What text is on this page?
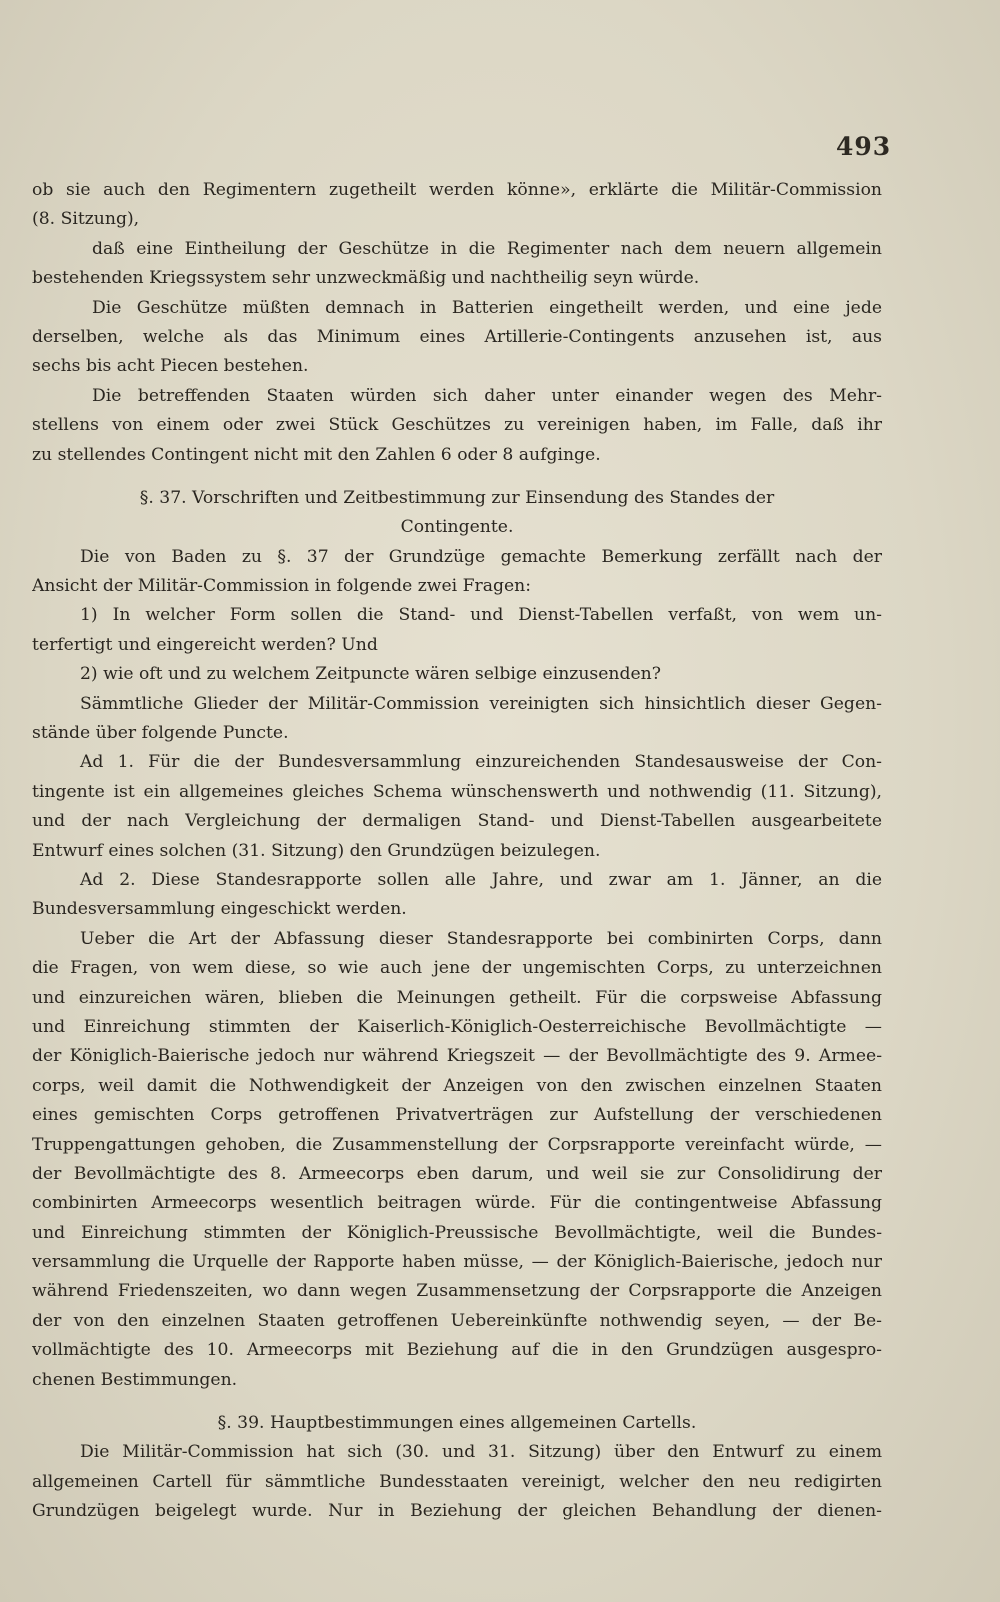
493
ob sie auch den Regimentern zugetheilt werden könne», erklärte die Militär-Commission
(8. Sitzung),
daß eine Eintheilung der Geschütze in die Regimenter nach dem neuern allgemein
bestehenden Kriegssystem sehr unzweckmäßig und nachtheilig seyn würde.
Die Geschütze müßten demnach in Batterien eingetheilt werden, und eine jede
derselben, welche als das Minimum eines Artillerie-Contingents anzusehen ist, aus
sechs bis acht Piecen bestehen.
Die betreffenden Staaten würden sich daher unter einander wegen des Mehr-
stellens von einem oder zwei Stück Geschützes zu vereinigen haben, im Falle, daß ihr
zu stellendes Contingent nicht mit den Zahlen 6 oder 8 aufginge.
§. 37. Vorschriften und Zeitbestimmung zur Einsendung des Standes der
Contingente.
Die von Baden zu §. 37 der Grundzüge gemachte Bemerkung zerfällt nach der
Ansicht der Militär-Commission in folgende zwei Fragen:
1) In welcher Form sollen die Stand- und Dienst-Tabellen verfaßt, von wem un-
terfertigt und eingereicht werden? Und
2) wie oft und zu welchem Zeitpuncte wären selbige einzusenden?
Sämmtliche Glieder der Militär-Commission vereinigten sich hinsichtlich dieser Gegen-
stände über folgende Puncte.
Ad 1. Für die der Bundesversammlung einzureichenden Standesausweise der Con-
tingente ist ein allgemeines gleiches Schema wünschenswerth und nothwendig (11. Sitzung),
und der nach Vergleichung der dermaligen Stand- und Dienst-Tabellen ausgearbeitete
Entwurf eines solchen (31. Sitzung) den Grundzügen beizulegen.
Ad 2. Diese Standesrapporte sollen alle Jahre, und zwar am 1. Jänner, an die
Bundesversammlung eingeschickt werden.
Ueber die Art der Abfassung dieser Standesrapporte bei combinirten Corps, dann
die Fragen, von wem diese, so wie auch jene der ungemischten Corps, zu unterzeichnen
und einzureichen wären, blieben die Meinungen getheilt. Für die corpsweise Abfassung
und Einreichung stimmten der Kaiserlich-Königlich-Oesterreichische Bevollmächtigte —
der Königlich-Baierische jedoch nur während Kriegszeit — der Bevollmächtigte des 9. Armee-
corps, weil damit die Nothwendigkeit der Anzeigen von den zwischen einzelnen Staaten
eines gemischten Corps getroffenen Privatverträgen zur Aufstellung der verschiedenen
Truppengattungen gehoben, die Zusammenstellung der Corpsrapporte vereinfacht würde, —
der Bevollmächtigte des 8. Armeecorps eben darum, und weil sie zur Consolidirung der
combinirten Armeecorps wesentlich beitragen würde. Für die contingentweise Abfassung
und Einreichung stimmten der Königlich-Preussische Bevollmächtigte, weil die Bundes-
versammlung die Urquelle der Rapporte haben müsse, — der Königlich-Baierische, jedoch nur
während Friedenszeiten, wo dann wegen Zusammensetzung der Corpsrapporte die Anzeigen
der von den einzelnen Staaten getroffenen Uebereinkünfte nothwendig seyen, — der Be-
vollmächtigte des 10. Armeecorps mit Beziehung auf die in den Grundzügen ausgespro-
chenen Bestimmungen.
§. 39. Hauptbestimmungen eines allgemeinen Cartells.
Die Militär-Commission hat sich (30. und 31. Sitzung) über den Entwurf zu einem
allgemeinen Cartell für sämmtliche Bundesstaaten vereinigt, welcher den neu redigirten
Grundzügen beigelegt wurde. Nur in Beziehung der gleichen Behandlung der dienen-
